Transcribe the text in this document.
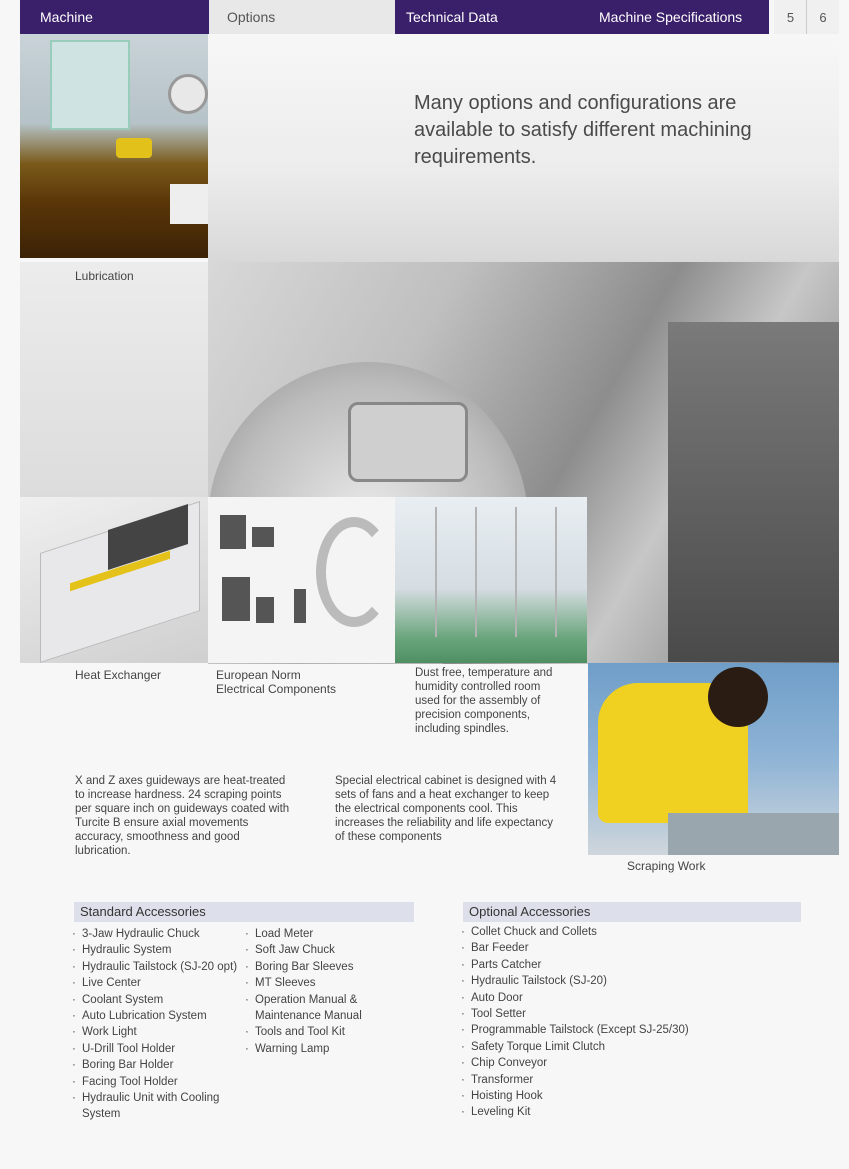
Machine	Options	Technical Data	Machine Specifications	5	6
Many options and configurations are available to satisfy different machining requirements.
Lubrication
Heat Exchanger	European Norm Electrical Components
Dust free, temperature and humidity controlled room used for the assembly of precision components, including spindles.
Scraping Work
X and Z axes guideways are heat-treated to increase hardness. 24 scraping points per square inch on guideways coated with Turcite B ensure axial movements accuracy, smoothness and good lubrication.
Special electrical cabinet is designed with 4 sets of fans and a heat exchanger to keep the electrical components cool. This increases the reliability and life expectancy of these components
Standard Accessories
· 3-Jaw Hydraulic Chuck
· Hydraulic System
· Hydraulic Tailstock (SJ-20 opt)
· Live Center
· Coolant System
· Auto Lubrication System
· Work Light
· U-Drill Tool Holder
· Boring Bar Holder
· Facing Tool Holder
· Hydraulic Unit with Cooling System
· Load Meter
· Soft Jaw Chuck
· Boring Bar Sleeves
· MT Sleeves
· Operation Manual & Maintenance Manual
· Tools and Tool Kit
· Warning Lamp
Optional Accessories
· Collet Chuck and Collets
· Bar Feeder
· Parts Catcher
· Hydraulic Tailstock (SJ-20)
· Auto Door
· Tool Setter
· Programmable Tailstock (Except SJ-25/30)
· Safety Torque Limit Clutch
· Chip Conveyor
· Transformer
· Hoisting Hook
· Leveling Kit
